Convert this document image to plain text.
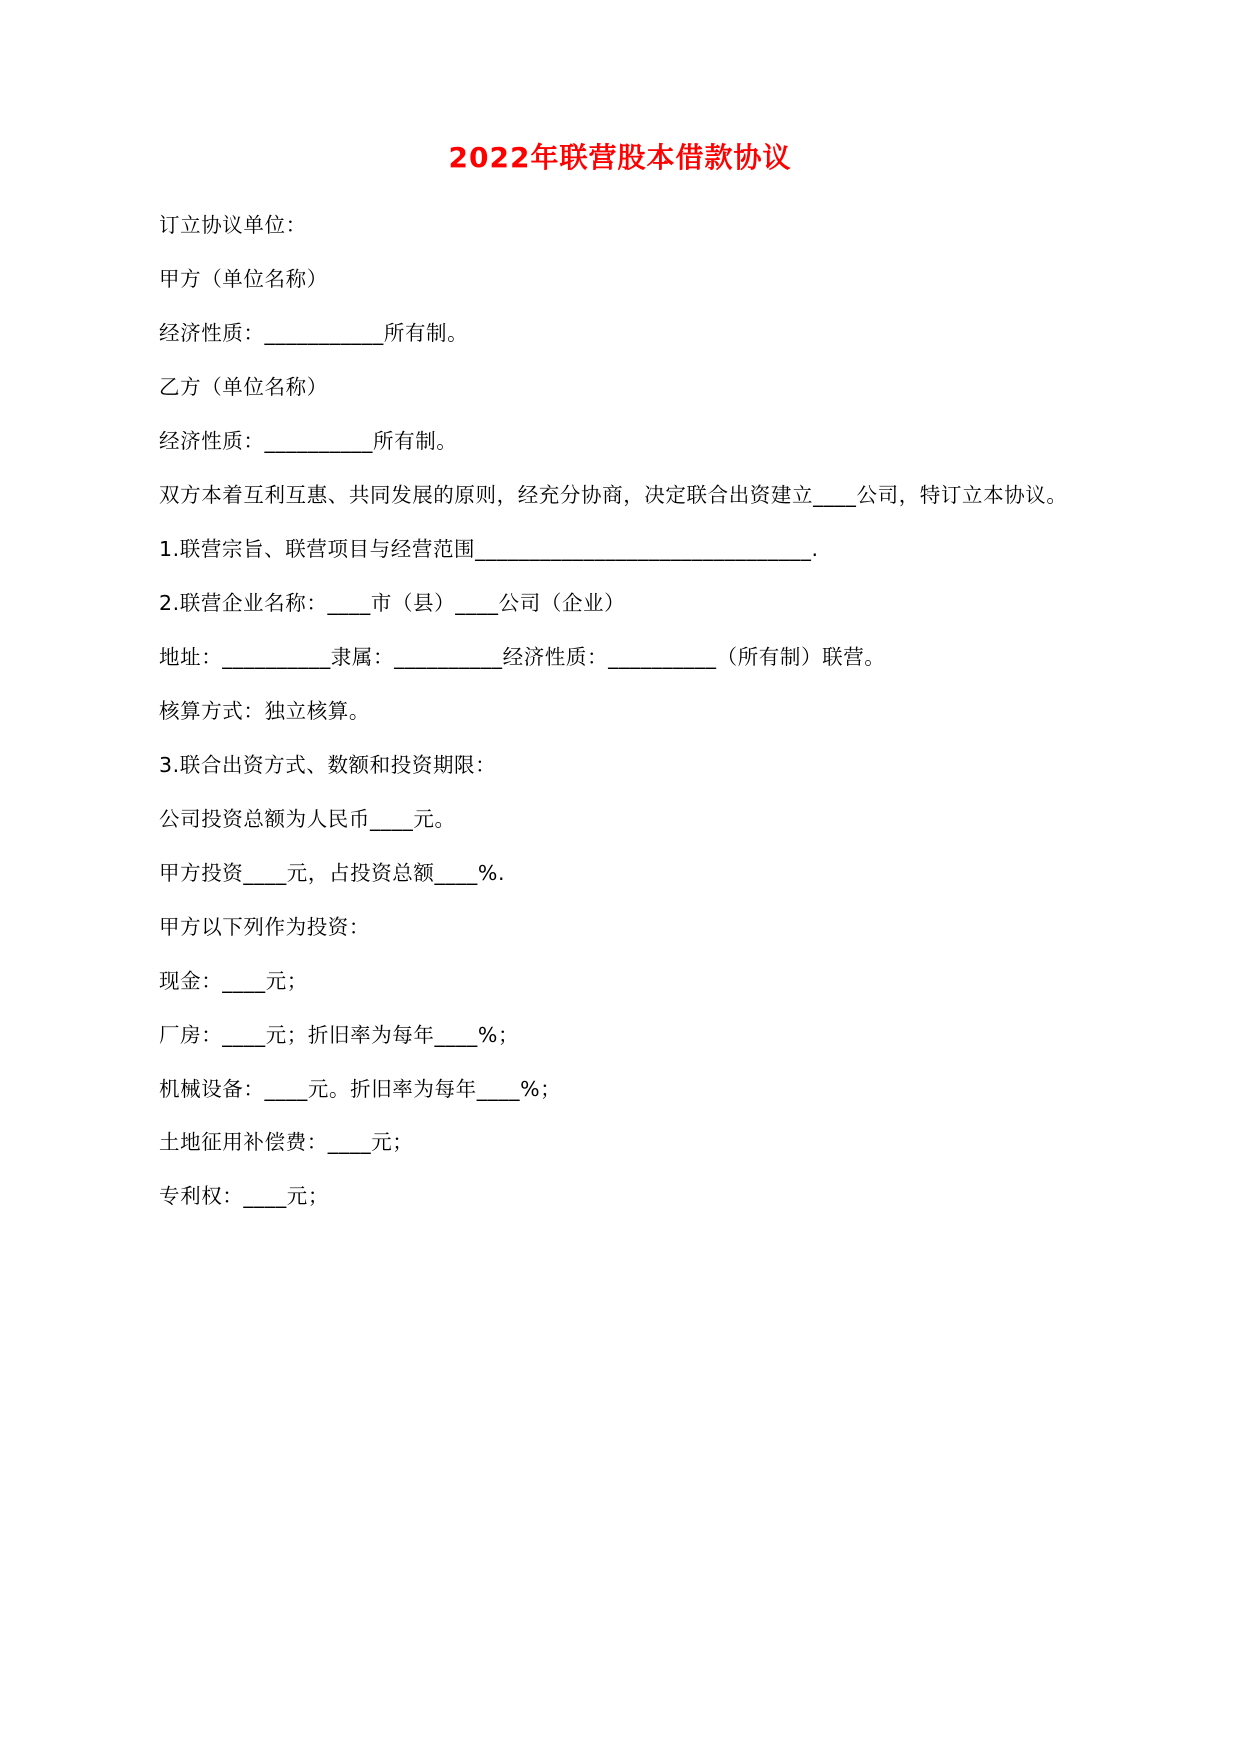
2022年联营股本借款协议

订立协议单位：

甲方（单位名称）

经济性质：___________所有制。

乙方（单位名称）

经济性质：__________所有制。

双方本着互利互惠、共同发展的原则，经充分协商，决定联合出资建立____公司，特订立本协议。

1.联营宗旨、联营项目与经营范围_______________________________.

2.联营企业名称：____市（县）____公司（企业）

地址：__________隶属：__________经济性质：__________（所有制）联营。

核算方式：独立核算。

3.联合出资方式、数额和投资期限：

公司投资总额为人民币____元。

甲方投资____元，占投资总额____%.

甲方以下列作为投资：

现金：____元；

厂房：____元；折旧率为每年____%；

机械设备：____元。折旧率为每年____%；

土地征用补偿费：____元；

专利权：____元；
